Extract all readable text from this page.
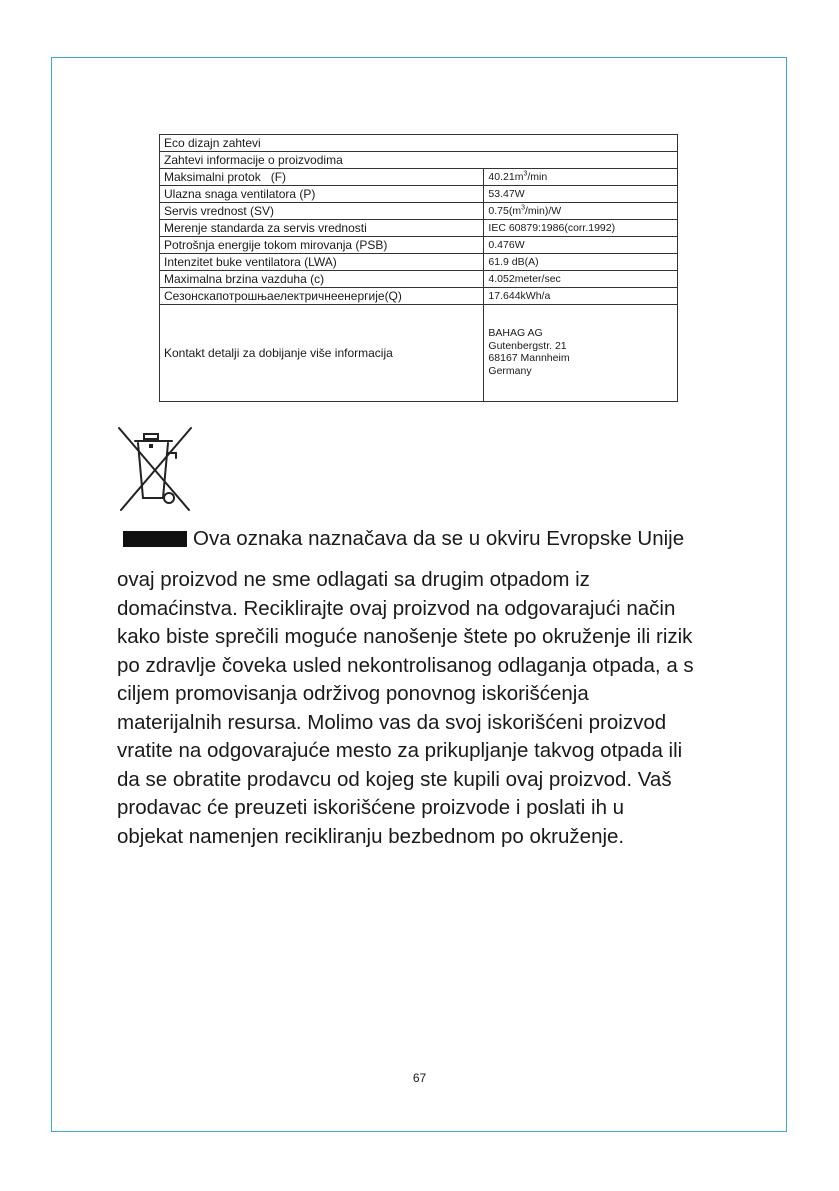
Eco dizajn zahtevi	
Zahtevi informacije o proizvodima	
Maksimalni protok   (F)	$40.21m^3/\min$
Ulazna snaga ventilatora (P)	53.47W
Servis vrednost (SV)	$0.75(m^3/\min)/W$
Merenje standarda za servis vrednosti	IEC 60879:1986(corr.1992)
Potrošnja energije tokom mirovanja (PSB)	0.476W
Intenzitet buke ventilatora (LWA)	61.9 dB(A)
Maximalna brzina vazduha (c)	4.052meter/sec
Сезонскапотрошњаелектричнеенергије(Q)	17.644kWh/a
Kontakt detalji za dobijanje više informacija	BAHAG AG
Gutenbergstr. 21
68167 Mannheim
Germany
Ova oznaka naznačava da se u okviru Evropske Unije
ovaj proizvod ne sme odlagati sa drugim otpadom iz
domaćinstva. Reciklirajte ovaj proizvod na odgovarajući način
kako biste sprečili moguće nanošenje štete po okruženje ili rizik
po zdravlje čoveka usled nekontrolisanog odlaganja otpada, a s
ciljem promovisanja održivog ponovnog iskorišćenja
materijalnih resursa. Molimo vas da svoj iskorišćeni proizvod
vratite na odgovarajuće mesto za prikupljanje takvog otpada ili
da se obratite prodavcu od kojeg ste kupili ovaj proizvod. Vaš
prodavac će preuzeti iskorišćene proizvode i poslati ih u
objekat namenjen recikliranju bezbednom po okruženje.
67
